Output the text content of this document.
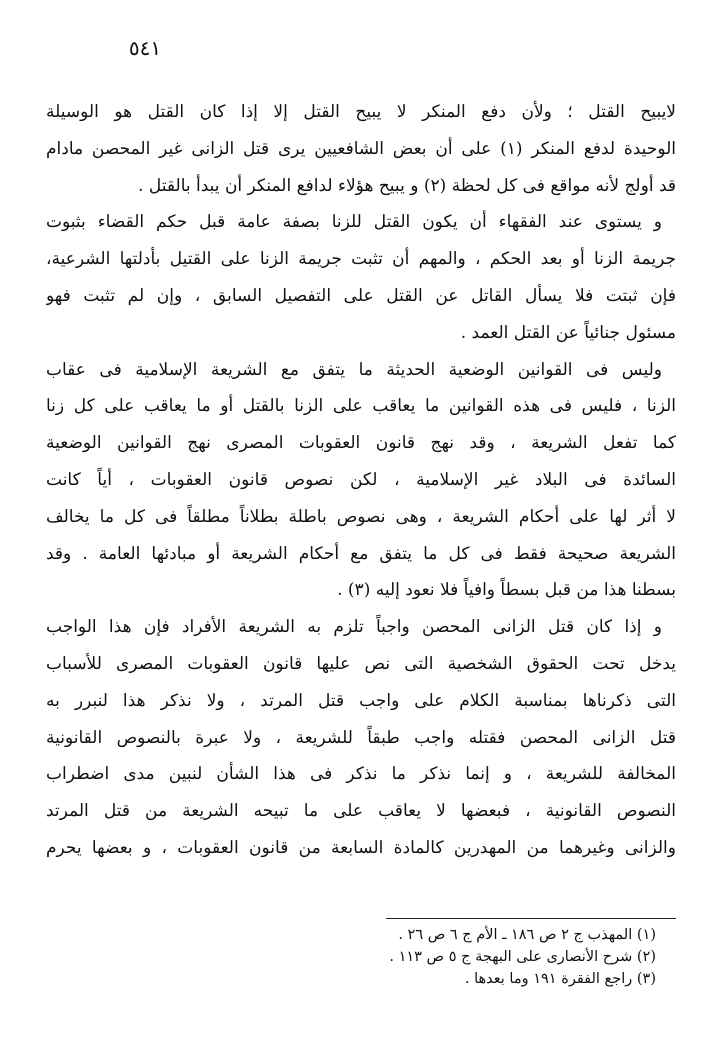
٥٤١

لايبيح القتل ؛ ولأن دفع المنكر لا يبيح القتل إلا إذا كان القتل هو الوسيلة

الوحيدة لدفع المنكر (١) على أن بعض الشافعيين يرى قتل الزانى غير المحصن مادام

قد أولج لأنه مواقع فى كل لحظة (٢) و يبيح هؤلاء لدافع المنكر أن يبدأ بالقتل .

و يستوى عند الفقهاء أن يكون القتل للزنا بصفة عامة قبل حكم القضاء بثبوت

جريمة الزنا أو بعد الحكم ، والمهم أن تثبت جريمة الزنا على القتيل بأدلتها الشرعية،

فإن ثبتت فلا يسأل القاتل عن القتل على التفصيل السابق ، وإن لم تثبت فهو

مسئول جنائياً عن القتل العمد .

وليس فى القوانين الوضعية الحديثة ما يتفق مع الشريعة الإسلامية فى عقاب

الزنا ، فليس فى هذه القوانين ما يعاقب على الزنا بالقتل أو ما يعاقب على كل زنا

كما تفعل الشريعة ، وقد نهج قانون العقوبات المصرى نهج القوانين الوضعية

السائدة فى البلاد غير الإسلامية ، لكن نصوص قانون العقوبات ، أياً كانت

لا أثر لها على أحكام الشريعة ، وهى نصوص باطلة بطلاناً مطلقاً فى كل ما يخالف

الشريعة صحيحة فقط فى كل ما يتفق مع أحكام الشريعة أو مبادئها العامة . وقد

بسطنا هذا من قبل بسطاً وافياً فلا نعود إليه (٣) .

و إذا كان قتل الزانى المحصن واجباً تلزم به الشريعة الأفراد فإن هذا الواجب

يدخل تحت الحقوق الشخصية التى نص عليها قانون العقوبات المصرى للأسباب

التى ذكرناها بمناسبة الكلام على واجب قتل المرتد ، ولا نذكر هذا لنبرر به

قتل الزانى المحصن فقتله واجب طبقاً للشريعة ، ولا عبرة بالنصوص القانونية

المخالفة للشريعة ، و إنما نذكر ما نذكر فى هذا الشأن لنبين مدى اضطراب

النصوص القانونية ، فبعضها لا يعاقب على ما تبيحه الشريعة من قتل المرتد

والزانى وغيرهما من المهدرين كالمادة السابعة من قانون العقوبات ، و بعضها يحرم

(١) المهذب ج ٢ ص ١٨٦ ـ الأم ج ٦ ص ٢٦ .

(٢) شرح الأنصارى على البهجة ج ٥ ص ١١٣ .

(٣) راجع الفقرة ١٩١ وما بعدها .
